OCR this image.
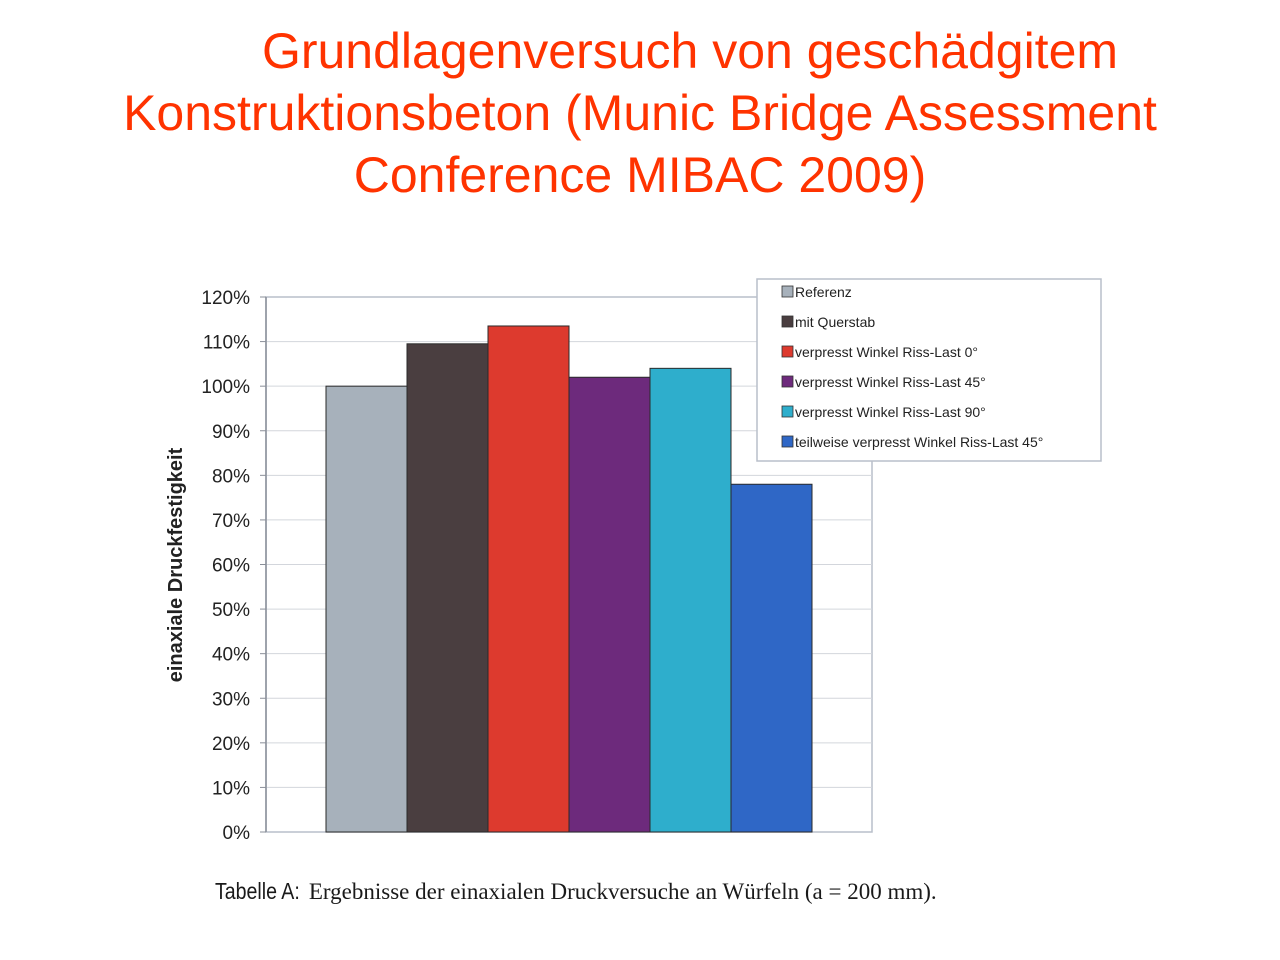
Grundlagenversuch von geschädgitem
Konstruktionsbeton (Munic Bridge Assessment
Conference MIBAC 2009)
0%
10%
20%
30%
40%
50%
60%
70%
80%
90%
100%
110%
120%
einaxiale Druckfestigkeit
Referenz
mit Querstab
verpresst Winkel Riss-Last 0°
verpresst Winkel Riss-Last 45°
verpresst Winkel Riss-Last 90°
teilweise verpresst Winkel Riss-Last 45°
Tabelle A: Ergebnisse der einaxialen Druckversuche an Würfeln (a = 200 mm).
